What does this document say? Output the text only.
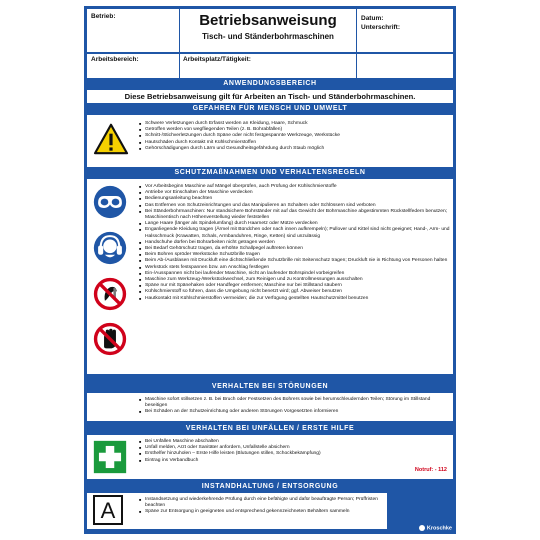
Betrieb:	Betriebsanweisung
Tisch- und Ständerbohrmaschinen
Datum:
Unterschrift:
Arbeitsbereich:	Arbeitsplatz/Tätigkeit:
ANWENDUNGSBEREICH
Diese Betriebsanweisung gilt für Arbeiten an Tisch- und Ständerbohrmaschinen.
GEFAHREN FÜR MENSCH UND UMWELT
■ Schwere Verletzungen durch Erfasst werden an Kleidung, Haare, Schmuck
■ Getroffen werden von wegfliegenden Teilen (z. B. Bohrabfällen)
■ Schnitt-/Stichverletzungen durch Späne oder nicht festgespannte Werkzeuge, Werkstücke
■ Hautschäden durch Kontakt mit Kühlschmierstoffen
■ Gehörschädigungen durch Lärm und Gesundheitsgefährdung durch Staub möglich
SCHUTZMAßNAHMEN UND VERHALTENSREGELN
■ Vor Arbeitsbeginn Maschine auf Mängel überprüfen, auch Prüfung der Kühlschmierstoffe
■ Antriebe vor Einschalten der Maschine verdecken
■ Bedienungsanleitung beachten
■ Das Entfernen von Schutzeinrichtungen und das Manipulieren an Schaltern oder Schlössern sind verboten
■ Bei Ständerbohrmaschinen: Nur standsichere Bohrständer mit auf das Gewicht der Bohrmaschine abgestimmten Rückstellfedern benutzen; Maschinentisch nach Höhenverstellung wieder feststellen
■ Lange Haare (länger als Spindelumfang) durch Haarnetz oder Mütze verdecken
■ Enganliegende Kleidung tragen (Ärmel mit Bündchen oder nach innen aufkrempeln); Pullover und Kittel sind nicht geeignet; Hand-, Arm- und Halsschmuck (Krawatten, Schals, Armbanduhren, Ringe, Ketten) sind unzulässig
■ Handschuhe dürfen bei Bohrarbeiten nicht getragen werden
■ Bei Bedarf Gehörschutz tragen, da erhöhte Schallpegel auftreten können
■ Beim Bohren spröder Werkstücke Schutzbrille tragen
■ Beim Ab-/Ausblasen mit Druckluft eine dichtschließende Schutzbrille mit Seitenschutz tragen; Druckluft nie in Richtung von Personen halten
■ Werkstück stets festspannen bzw. am Anschlag festlegen
■ Ein-/Ausspannen nicht bei laufender Maschine, nicht an laufender Bohrspindel vorbeigreifen
■ Maschine zum Werkzeug-/Werkstückwechsel, zum Reinigen und zu Kontrollmessungen ausschalten
■ Späne nur mit Spänehaken oder Handfeger entfernen; Maschine nur bei Stillstand säubern
■ Kühlschmierstoff so führen, dass die Umgebung nicht benetzt wird; ggf. Abweiser benutzen
■ Hautkontakt mit Kühlschmierstoffen vermeiden; die zur Verfügung gestellten Hautschutzmittel benutzen
VERHALTEN BEI STÖRUNGEN
■ Maschine sofort stillsetzen z. B. bei Bruch oder Festsetzen des Bohrers sowie bei herumschleudernden Teilen; Störung im Stillstand beseitigen
■ Bei Schäden an der Schutzeinrichtung oder anderen Störungen Vorgesetzten informieren
VERHALTEN BEI UNFÄLLEN / ERSTE HILFE
■ Bei Unfällen Maschine abschalten
■ Unfall melden, Arzt oder Sanitäter anfordern, Unfallstelle absichern
■ Ersthelfer hinzuholen – Erste Hilfe leisten (Blutungen stillen, Schockbekämpfung)
■ Eintrag ins Verbandbuch
Notruf: - 112
INSTANDHALTUNG / ENTSORGUNG
A
■	Instandsetzung und wiederkehrende Prüfung durch eine befähigte und dafür beauftragte Person; Prüffristen beachten
■ Späne zur Entsorgung in geeigneten und entsprechend gekennzeichneten Behältern sammeln
Kroschke
